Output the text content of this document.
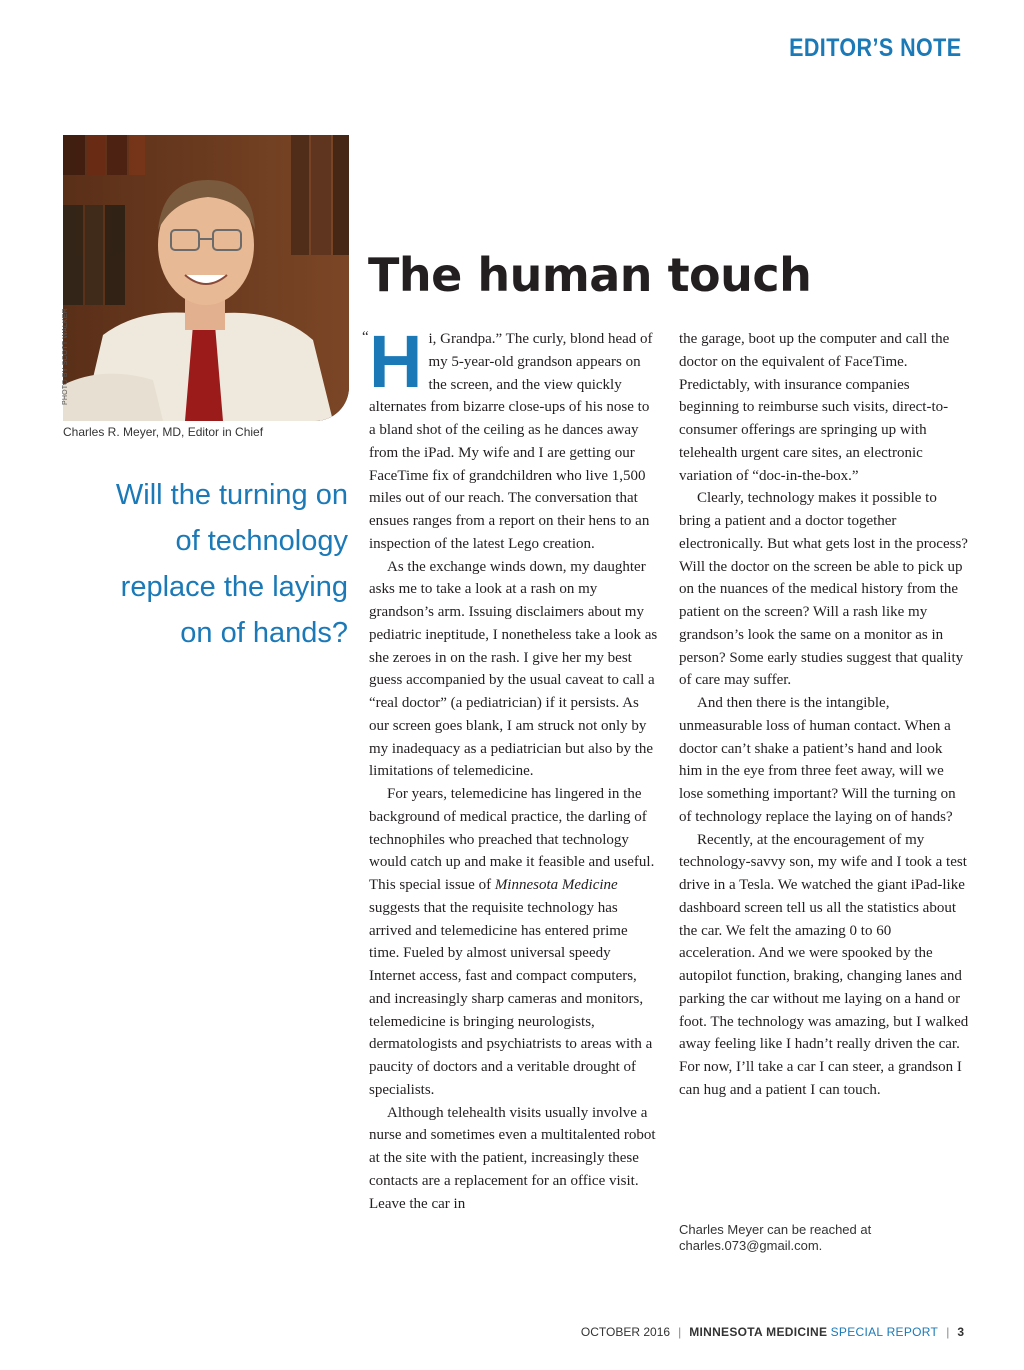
EDITOR’S NOTE
PHOTO BY SCOTT WALKER
Charles R. Meyer, MD, Editor in Chief
Will the turning on of technology replace the laying on of hands?
The human touch
“ Hi, Grandpa.” The curly, blond head of my 5-year-old grandson appears on the screen, and the view quickly alternates from bizarre close-ups of his nose to a bland shot of the ceiling as he dances away from the iPad. My wife and I are getting our FaceTime fix of grandchildren who live 1,500 miles out of our reach. The conversation that ensues ranges from a report on their hens to an inspection of the latest Lego creation.

As the exchange winds down, my daughter asks me to take a look at a rash on my grandson’s arm. Issuing disclaimers about my pediatric ineptitude, I nonetheless take a look as she zeroes in on the rash. I give her my best guess accompanied by the usual caveat to call a “real doctor” (a pediatrician) if it persists. As our screen goes blank, I am struck not only by my inadequacy as a pediatrician but also by the limitations of telemedicine.

For years, telemedicine has lingered in the background of medical practice, the darling of technophiles who preached that technology would catch up and make it feasible and useful. This special issue of Minnesota Medicine suggests that the requisite technology has arrived and telemedicine has entered prime time. Fueled by almost universal speedy Internet access, fast and compact computers, and increasingly sharp cameras and monitors, telemedicine is bringing neurologists, dermatologists and psychiatrists to areas with a paucity of doctors and a veritable drought of specialists.

Although telehealth visits usually involve a nurse and sometimes even a multitalented robot at the site with the patient, increasingly these contacts are a replacement for an office visit. Leave the car in

the garage, boot up the computer and call the doctor on the equivalent of FaceTime. Predictably, with insurance companies beginning to reimburse such visits, direct-to-consumer offerings are springing up with telehealth urgent care sites, an electronic variation of “doc-in-the-box.”

Clearly, technology makes it possible to bring a patient and a doctor together electronically. But what gets lost in the process? Will the doctor on the screen be able to pick up on the nuances of the medical history from the patient on the screen? Will a rash like my grandson’s look the same on a monitor as in person? Some early studies suggest that quality of care may suffer.

And then there is the intangible, unmeasurable loss of human contact. When a doctor can’t shake a patient’s hand and look him in the eye from three feet away, will we lose something important? Will the turning on of technology replace the laying on of hands?

Recently, at the encouragement of my technology-savvy son, my wife and I took a test drive in a Tesla. We watched the giant iPad-like dashboard screen tell us all the statistics about the car. We felt the amazing 0 to 60 acceleration. And we were spooked by the autopilot function, braking, changing lanes and parking the car without me laying on a hand or foot. The technology was amazing, but I walked away feeling like I hadn’t really driven the car. For now, I’ll take a car I can steer, a grandson I can hug and a patient I can touch.

Charles Meyer can be reached at charles.073@gmail.com.
OCTOBER 2016 | MINNESOTA MEDICINE SPECIAL REPORT | 3
